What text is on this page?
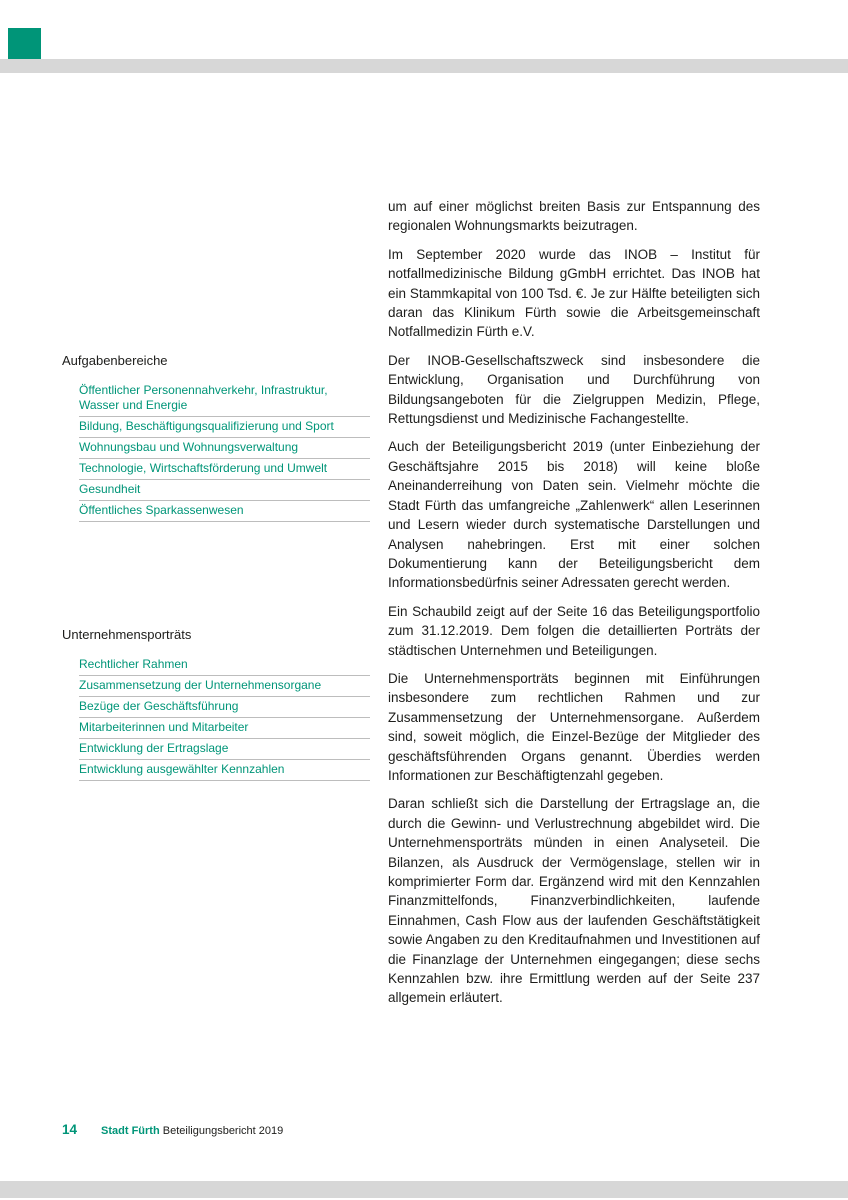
Aufgabenbereiche
Öffentlicher Personennahverkehr, Infrastruktur, Wasser und Energie
Bildung, Beschäftigungsqualifizierung und Sport
Wohnungsbau und Wohnungsverwaltung
Technologie, Wirtschaftsförderung und Umwelt
Gesundheit
Öffentliches Sparkassenwesen
Unternehmensporträts
Rechtlicher Rahmen
Zusammensetzung der Unternehmensorgane
Bezüge der Geschäftsführung
Mitarbeiterinnen und Mitarbeiter
Entwicklung der Ertragslage
Entwicklung ausgewählter Kennzahlen

um auf einer möglichst breiten Basis zur Entspannung des regionalen Wohnungsmarkts beizutragen.

Im September 2020 wurde das INOB – Institut für notfallmedizinische Bildung gGmbH errichtet. Das INOB hat ein Stammkapital von 100 Tsd. €. Je zur Hälfte beteiligten sich daran das Klinikum Fürth sowie die Arbeitsgemeinschaft Notfallmedizin Fürth e.V.

Der INOB-Gesellschaftszweck sind insbesondere die Entwicklung, Organisation und Durchführung von Bildungsangeboten für die Zielgruppen Medizin, Pflege, Rettungsdienst und Medizinische Fachangestellte.

Auch der Beteiligungsbericht 2019 (unter Einbeziehung der Geschäftsjahre 2015 bis 2018) will keine bloße Aneinanderreihung von Daten sein. Vielmehr möchte die Stadt Fürth das umfangreiche „Zahlenwerk“ allen Leserinnen und Lesern wieder durch systematische Darstellungen und Analysen nahebringen. Erst mit einer solchen Dokumentierung kann der Beteiligungsbericht dem Informationsbedürfnis seiner Adressaten gerecht werden.

Ein Schaubild zeigt auf der Seite 16 das Beteiligungsportfolio zum 31.12.2019. Dem folgen die detaillierten Porträts der städtischen Unternehmen und Beteiligungen.

Die Unternehmensporträts beginnen mit Einführungen insbesondere zum rechtlichen Rahmen und zur Zusammensetzung der Unternehmensorgane. Außerdem sind, soweit möglich, die Einzel-Bezüge der Mitglieder des geschäftsführenden Organs genannt. Überdies werden Informationen zur Beschäftigtenzahl gegeben.

Daran schließt sich die Darstellung der Ertragslage an, die durch die Gewinn- und Verlustrechnung abgebildet wird. Die Unternehmensporträts münden in einen Analyseteil. Die Bilanzen, als Ausdruck der Vermögenslage, stellen wir in komprimierter Form dar. Ergänzend wird mit den Kennzahlen Finanzmittelfonds, Finanzverbindlichkeiten, laufende Einnahmen, Cash Flow aus der laufenden Geschäftstätigkeit sowie Angaben zu den Kreditaufnahmen und Investitionen auf die Finanzlage der Unternehmen eingegangen; diese sechs Kennzahlen bzw. ihre Ermittlung werden auf der Seite 237 allgemein erläutert.

14 Stadt Fürth Beteiligungsbericht 2019
